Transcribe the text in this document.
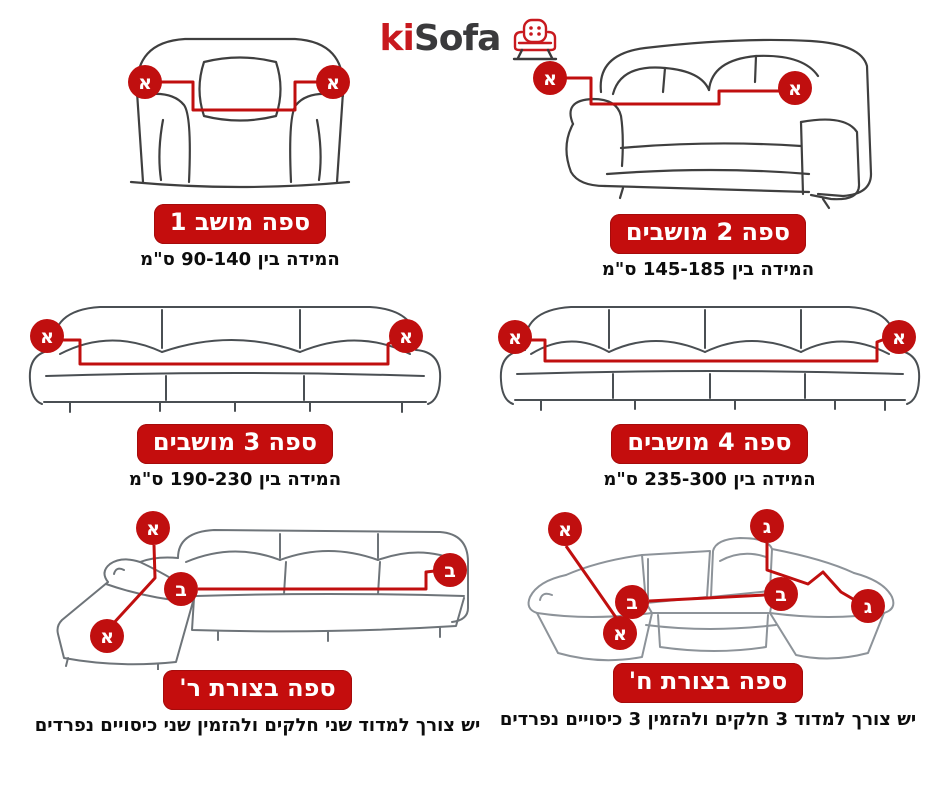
kiSofa
א	א
ספה מושב 1
המידה בין 90-140 ס"מ
א	א
ספה 2 מושבים
המידה בין 145-185 ס"מ
א	א
ספה 3 מושבים
המידה בין 190-230 ס"מ
א	א
ספה 4 מושבים
המידה בין 235-300 ס"מ
א
א
ב
ב
ספה בצורת ר'
יש צורך למדוד שני חלקים ולהזמין שני כיסויים נפרדים
א
א
ב	ב
ג
ג
ספה בצורת ח'
יש צורך למדוד 3 חלקים ולהזמין 3 כיסויים נפרדים
